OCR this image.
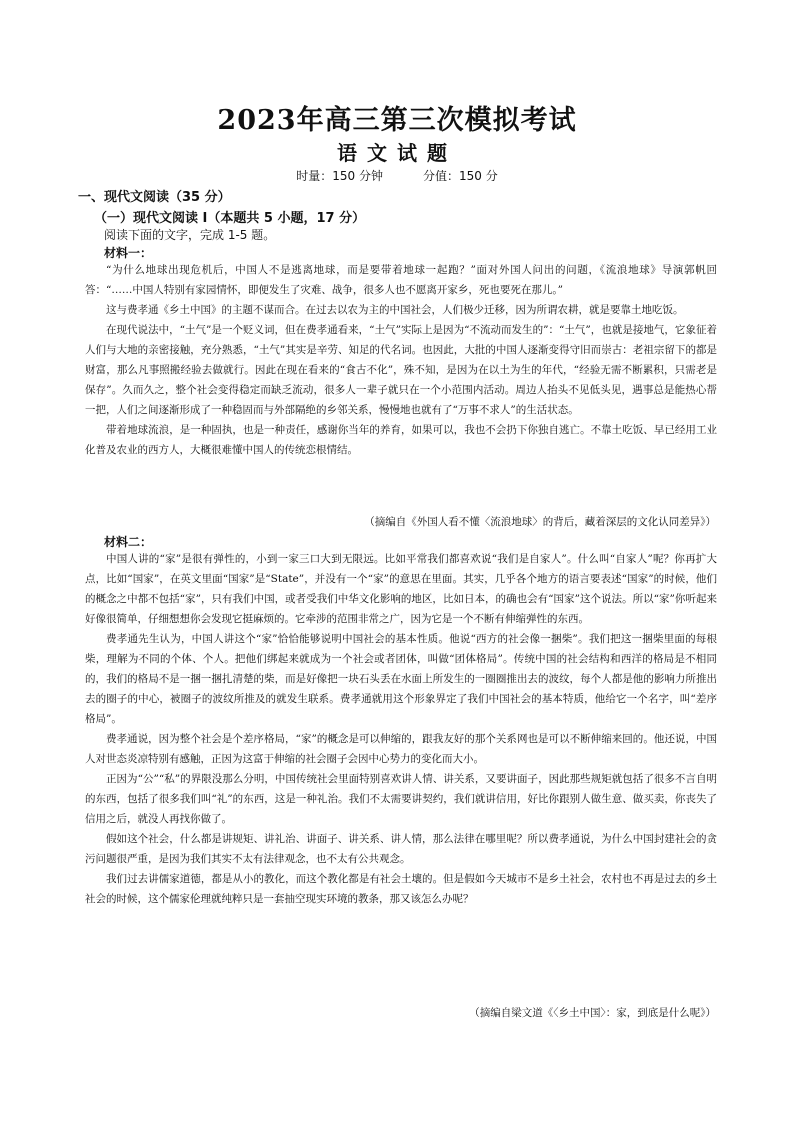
2023年高三第三次模拟考试
语文试题
时量：150 分钟	分值：150 分
一、现代文阅读（35 分）
（一）现代文阅读 I（本题共 5 小题，17 分）
阅读下面的文字，完成 1-5 题。
材料一：

“为什么地球出现危机后，中国人不是逃离地球，而是要带着地球一起跑？”面对外国人问出的问题，《流浪地球》导演郭帆回答：“……中国人特别有家园情怀，即便发生了灾难、战争，很多人也不愿离开家乡，死也要死在那儿。”

这与费孝通《乡土中国》的主题不谋而合。在过去以农为主的中国社会，人们极少迁移，因为所谓农耕，就是要靠土地吃饭。

在现代说法中，“土气”是一个贬义词，但在费孝通看来，“土气”实际上是因为“不流动而发生的”：“土气”，也就是接地气，它象征着人们与大地的亲密接触，充分熟悉，“土气”其实是辛劳、知足的代名词。也因此，大批的中国人逐渐变得守旧而崇古：老祖宗留下的都是财富，那么凡事照搬经验去做就行。因此在现在看来的“食古不化”，殊不知，是因为在以土为生的年代，“经验无需不断累积，只需老是保存”。久而久之，整个社会变得稳定而缺乏流动，很多人一辈子就只在一个小范围内活动。周边人抬头不见低头见，遇事总是能热心帮一把，人们之间逐渐形成了一种稳固而与外部隔绝的乡邻关系，慢慢地也就有了“万事不求人”的生活状态。

带着地球流浪，是一种固执，也是一种责任，感谢你当年的养育，如果可以，我也不会扔下你独自逃亡。不靠土吃饭、早已经用工业化普及农业的西方人，大概很难懂中国人的传统恋根情结。

（摘编自《外国人看不懂〈流浪地球〉的背后，藏着深层的文化认同差异》）
材料二：

中国人讲的“家”是很有弹性的，小到一家三口大到无限远。比如平常我们都喜欢说“我们是自家人”。什么叫“自家人”呢？你再扩大点，比如“国家”，在英文里面“国家”是“State”，并没有一个“家”的意思在里面。其实，几乎各个地方的语言要表述“国家”的时候，他们的概念之中都不包括“家”，只有我们中国，或者受我们中华文化影响的地区，比如日本，的确也会有“国家”这个说法。所以“家”你听起来好像很简单，仔细想想你会发现它挺麻烦的。它牵涉的范围非常之广，因为它是一个不断有伸缩弹性的东西。

费孝通先生认为，中国人讲这个“家”恰恰能够说明中国社会的基本性质。他说“西方的社会像一捆柴”。我们把这一捆柴里面的每根柴，理解为不同的个体、个人。把他们绑起来就成为一个社会或者团体，叫做“团体格局”。传统中国的社会结构和西洋的格局是不相同的，我们的格局不是一捆一捆扎清楚的柴，而是好像把一块石头丢在水面上所发生的一圈圈推出去的波纹，每个人都是他的影响力所推出去的圈子的中心，被圈子的波纹所推及的就发生联系。费孝通就用这个形象界定了我们中国社会的基本特质，他给它一个名字，叫“差序格局”。

费孝通说，因为整个社会是个差序格局，“家”的概念是可以伸缩的，跟我友好的那个关系网也是可以不断伸缩来回的。他还说，中国人对世态炎凉特别有感触，正因为这富于伸缩的社会圈子会因中心势力的变化而大小。

正因为“公”“私”的界限没那么分明，中国传统社会里面特别喜欢讲人情、讲关系，又要讲面子，因此那些规矩就包括了很多不言自明的东西，包括了很多我们叫“礼”的东西，这是一种礼治。我们不太需要讲契约，我们就讲信用，好比你跟别人做生意、做买卖，你丧失了信用之后，就没人再找你做了。

假如这个社会，什么都是讲规矩、讲礼治、讲面子、讲关系、讲人情，那么法律在哪里呢？所以费孝通说，为什么中国封建社会的贪污问题很严重，是因为我们其实不太有法律观念，也不太有公共观念。

我们过去讲儒家道德，都是从小的教化，而这个教化都是有社会土壤的。但是假如今天城市不是乡土社会，农村也不再是过去的乡土社会的时候，这个儒家伦理就纯粹只是一套抽空现实环境的教条，那又该怎么办呢？

（摘编自梁文道《〈乡土中国〉：家，到底是什么呢》）
